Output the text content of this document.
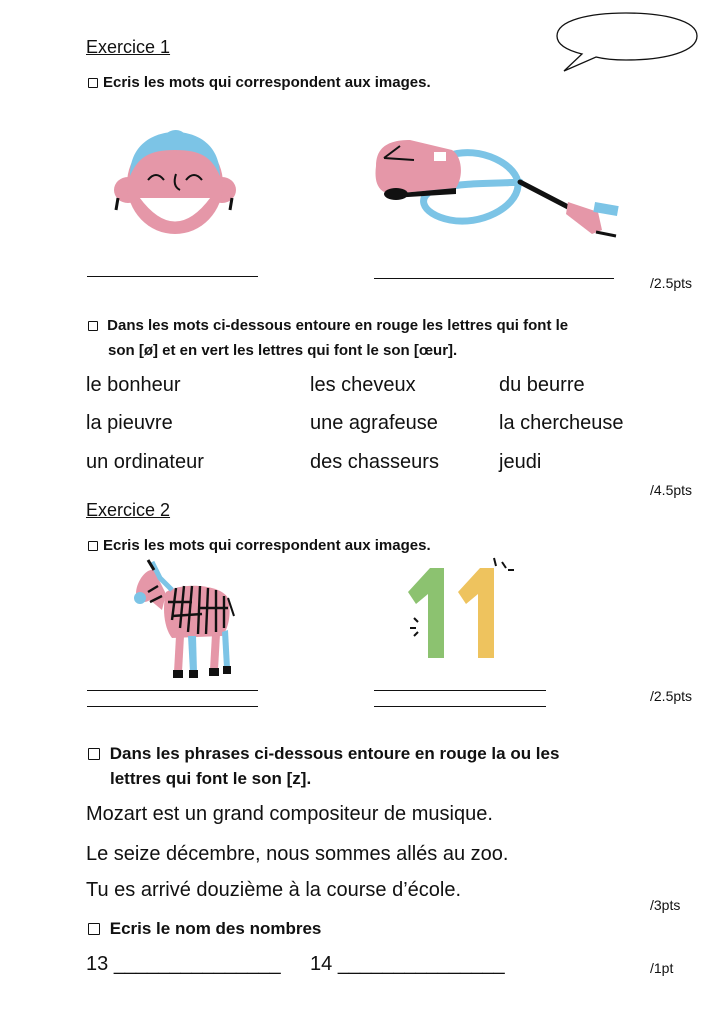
Exercice 1
Ecris les mots qui correspondent aux images.
/2.5pts
Dans les mots ci-dessous entoure en rouge les lettres qui font le
son [ø] et en vert les lettres qui font le son [œur].
le bonheur	les cheveux	du beurre
la pieuvre	une agrafeuse	la chercheuse
un ordinateur	des chasseurs	jeudi
/4.5pts
Exercice 2
Ecris les mots qui correspondent aux images.
/2.5pts
Dans les phrases ci-dessous entoure en rouge la ou les
lettres qui font le son [z].
Mozart est un grand compositeur de musique.
Le seize décembre, nous sommes allés au zoo.
Tu es arrivé douzième à la course d’école.
/3pts
Ecris le nom des nombres
13 _______________ 14 _______________	/1pt
